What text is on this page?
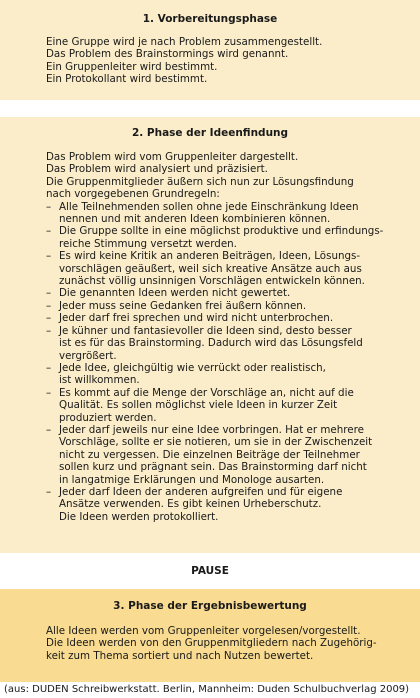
1. Vorbereitungsphase
Eine Gruppe wird je nach Problem zusammengestellt.
Das Problem des Brainstormings wird genannt.
Ein Gruppenleiter wird bestimmt.
Ein Protokollant wird bestimmt.
2. Phase der Ideenfindung
Das Problem wird vom Gruppenleiter dargestellt.
Das Problem wird analysiert und präzisiert.
Die Gruppenmitglieder äußern sich nun zur Lösungsfindung
nach vorgegebenen Grundregeln:
– Alle Teilnehmenden sollen ohne jede Einschränkung Ideen
nennen und mit anderen Ideen kombinieren können.
– Die Gruppe sollte in eine möglichst produktive und erfindungs-
reiche Stimmung versetzt werden.
– Es wird keine Kritik an anderen Beiträgen, Ideen, Lösungs-
vorschlägen geäußert, weil sich kreative Ansätze auch aus
zunächst völlig unsinnigen Vorschlägen entwickeln können.
– Die genannten Ideen werden nicht gewertet.
– Jeder muss seine Gedanken frei äußern können.
– Jeder darf frei sprechen und wird nicht unterbrochen.
– Je kühner und fantasievoller die Ideen sind, desto besser
ist es für das Brainstorming. Dadurch wird das Lösungsfeld
vergrößert.
– Jede Idee, gleichgültig wie verrückt oder realistisch,
ist willkommen.
– Es kommt auf die Menge der Vorschläge an, nicht auf die
Qualität. Es sollen möglichst viele Ideen in kurzer Zeit
produziert werden.
– Jeder darf jeweils nur eine Idee vorbringen. Hat er mehrere
Vorschläge, sollte er sie notieren, um sie in der Zwischenzeit
nicht zu vergessen. Die einzelnen Beiträge der Teilnehmer
sollen kurz und prägnant sein. Das Brainstorming darf nicht
in langatmige Erklärungen und Monologe ausarten.
– Jeder darf Ideen der anderen aufgreifen und für eigene
Ansätze verwenden. Es gibt keinen Urheberschutz.
Die Ideen werden protokolliert.
PAUSE
3. Phase der Ergebnisbewertung
Alle Ideen werden vom Gruppenleiter vorgelesen/vorgestellt.
Die Ideen werden von den Gruppenmitgliedern nach Zugehörig-
keit zum Thema sortiert und nach Nutzen bewertet.
(aus: DUDEN Schreibwerkstatt. Berlin, Mannheim: Duden Schulbuchverlag 2009)
